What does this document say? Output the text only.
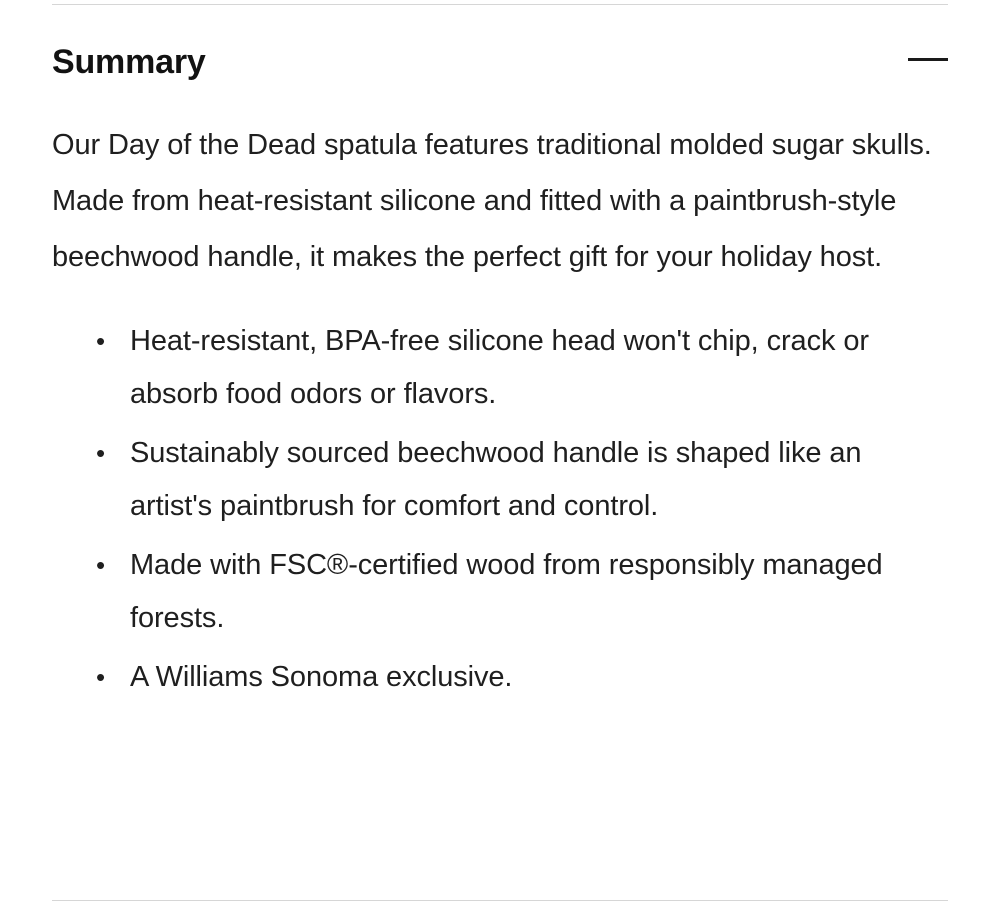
Summary

Our Day of the Dead spatula features traditional molded sugar skulls. Made from heat-resistant silicone and fitted with a paintbrush-style beechwood handle, it makes the perfect gift for your holiday host.

• Heat-resistant, BPA-free silicone head won't chip, crack or absorb food odors or flavors.
• Sustainably sourced beechwood handle is shaped like an artist's paintbrush for comfort and control.
• Made with FSC®-certified wood from responsibly managed forests.
• A Williams Sonoma exclusive.
